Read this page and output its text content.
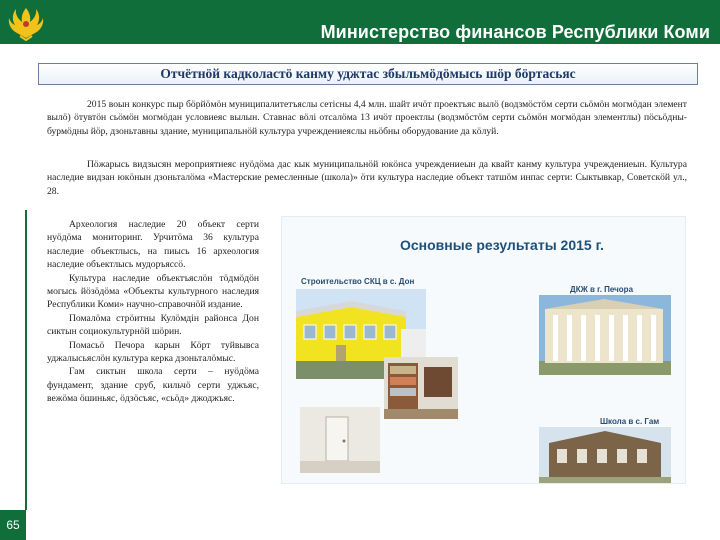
Министерство финансов Республики Коми
Отчётнӧй кадколастӧ канму уджтас збыльмӧдӧмысь шӧр бӧртасьяс
2015 воын конкурс пыр бӧрйӧмӧн муниципалитетъяслы сетісны 4,4 млн. шайт ичӧт проектъяс вылӧ (водзмӧстӧм серти сьӧмӧн могмӧдан элемент вылӧ) öтувтӧн сьӧмӧн могмӧдан условиеяс вылын. Ставнас вӧлі отсалӧма 13 ичӧт проектлы (водзмӧстӧм серти сьӧмӧн могмӧдан элементлы) пӧсьӧдны-бурмӧдны йӧр, дзоньтавны здание, муниципальнӧй культура учреждениеяслы ньӧбны оборудование да кӧлуй.
Пӧжарысь видзысян мероприятиеяс нуӧдӧма дас кык муниципальнӧй юкӧнса учреждениеын да квайт канму культура учреждениеын. Культура наследие видзан юкӧнын дзоньталӧма «Мастерские ремесленные (школа)» ӧти культура наследие объект татшӧм инпас серти: Сыктывкар, Советскӧй ул., 28.

Археология наследие 20 объект серти нуӧдӧма мониторинг. Урчитӧма 36 культура наследие объектлысь, на пиысь 16 археология наследие объектлысь мудоръяссӧ.

Культура наследие объектъяслӧн тӧдмӧдӧн могысь йӧзӧдӧма «Объекты культурного наследия Республики Коми» научно-справочнӧй издание.

Помалӧма стрӧитны Кулӧмдін районса Дон сиктын социокультурнӧй шӧрин.

Помасьӧ Печора карын Кӧрт туйвывса уджалысьяслӧн культура керка дзоньталӧмыс.

Гам сиктын школа серти – нуӧдӧма фундамент, здание сруб, кильчӧ серти уджъяс, вежӧма ӧшиньяс, ӧдзӧсъяс, «сьӧд» джоджъяс.

Основные результаты 2015 г.
Строительство СКЦ в с. Дон
ДКЖ в г. Печора
Школа в с. Гам
65
